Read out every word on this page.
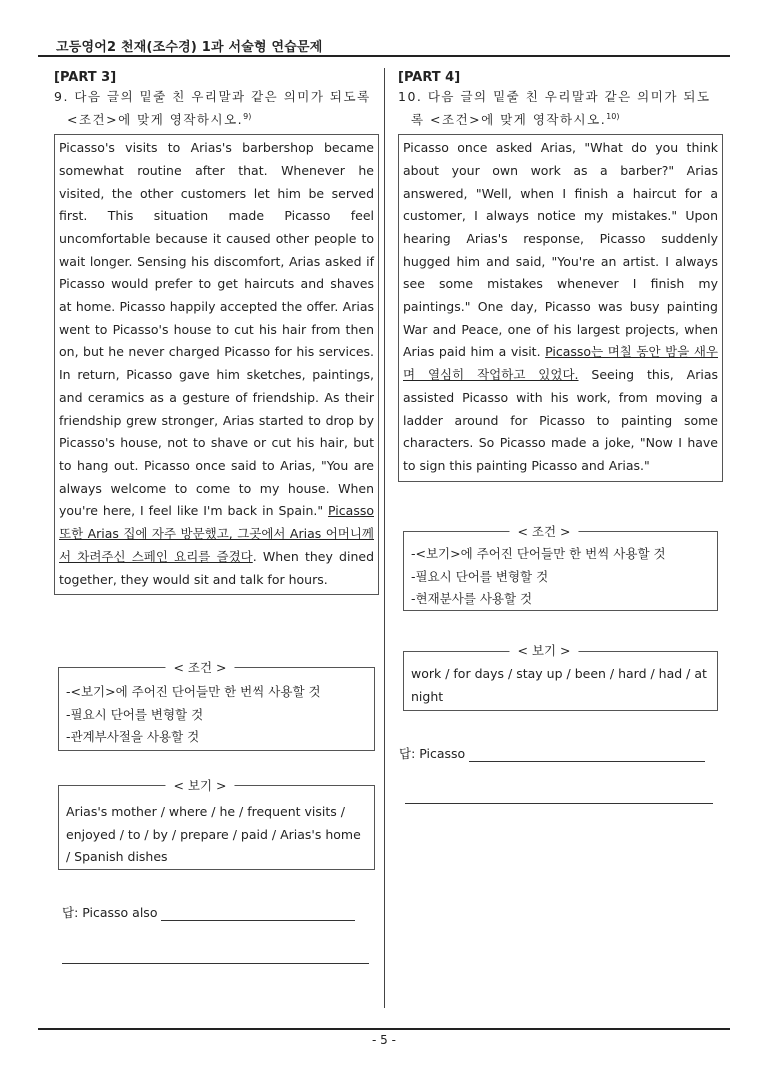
고등영어2 천재(조수경) 1과 서술형 연습문제
[PART 3]
9. 다음 글의 밑줄 친 우리말과 같은 의미가 되도록 <조건>에 맞게 영작하시오.$^{9)}$
Picasso's visits to Arias's barbershop became somewhat routine after that. Whenever he visited, the other customers let him be served first. This situation made Picasso feel uncomfortable because it caused other people to wait longer. Sensing his discomfort, Arias asked if Picasso would prefer to get haircuts and shaves at home. Picasso happily accepted the offer. Arias went to Picasso's house to cut his hair from then on, but he never charged Picasso for his services. In return, Picasso gave him sketches, paintings, and ceramics as a gesture of friendship. As their friendship grew stronger, Arias started to drop by Picasso's house, not to shave or cut his hair, but to hang out. Picasso once said to Arias, "You are always welcome to come to my house. When you're here, I feel like I'm back in Spain." Picasso 또한 Arias 집에 자주 방문했고, 그곳에서 Arias 어머니께서 차려주신 스페인 요리를 즐겼다. When they dined together, they would sit and talk for hours.
-<보기>에 주어진 단어들만 한 번씩 사용할 것
-필요시 단어를 변형할 것
-관계부사절을 사용할 것
< 조건 >
Arias's mother / where / he / frequent visits / enjoyed / to / by / prepare / paid / Arias's home / Spanish dishes
< 보기 >
답: Picasso also
[PART 4]
10. 다음 글의 밑줄 친 우리말과 같은 의미가 되도록 <조건>에 맞게 영작하시오.$^{10)}$
Picasso once asked Arias, "What do you think about your own work as a barber?" Arias answered, "Well, when I finish a haircut for a customer, I always notice my mistakes." Upon hearing Arias's response, Picasso suddenly hugged him and said, "You're an artist. I always see some mistakes whenever I finish my paintings." One day, Picasso was busy painting War and Peace, one of his largest projects, when Arias paid him a visit. Picasso는 며칠 동안 밤을 새우며 열심히 작업하고 있었다. Seeing this, Arias assisted Picasso with his work, from moving a ladder around for Picasso to painting some characters. So Picasso made a joke, "Now I have to sign this painting Picasso and Arias."
-<보기>에 주어진 단어들만 한 번씩 사용할 것
-필요시 단어를 변형할 것
-현재분사를 사용할 것
< 조건 >
work / for days / stay up / been / hard / had / at night
< 보기 >
답: Picasso
- 5 -
